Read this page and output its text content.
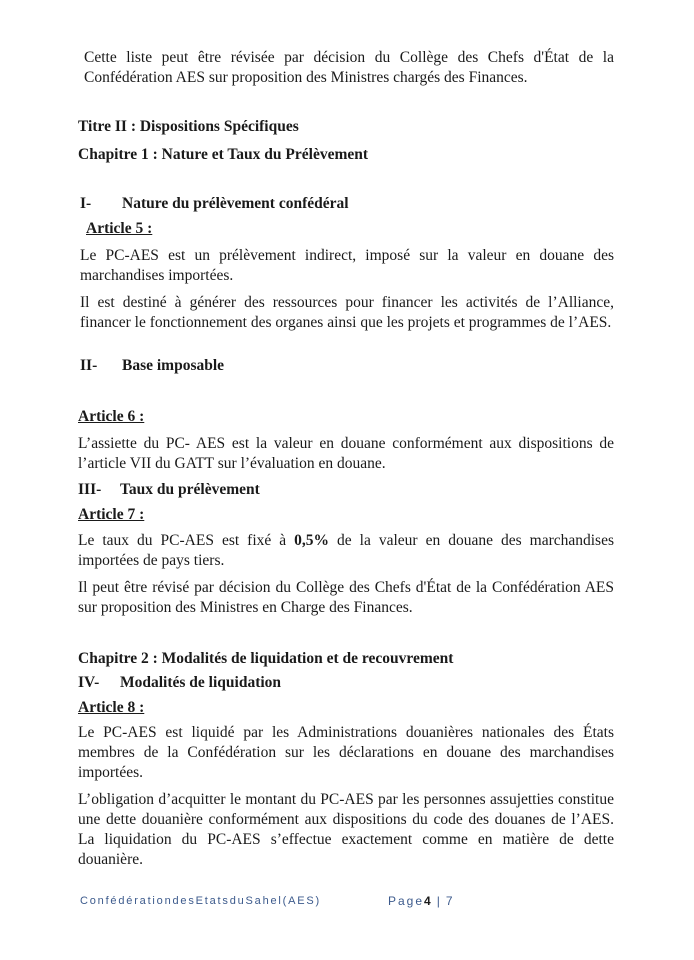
Cette liste peut être révisée par décision du Collège des Chefs d'État de la Confédération AES sur proposition des Ministres chargés des Finances.

Titre II : Dispositions Spécifiques
Chapitre 1 : Nature et Taux du Prélèvement
I- Nature du prélèvement confédéral
Article 5 :

Le PC-AES est un prélèvement indirect, imposé sur la valeur en douane des marchandises importées.

Il est destiné à générer des ressources pour financer les activités de l’Alliance, financer le fonctionnement des organes ainsi que les projets et programmes de l’AES.

II- Base imposable
Article 6 :

L’assiette du PC- AES est la valeur en douane conformément aux dispositions de l’article VII du GATT sur l’évaluation en douane.

III- Taux du prélèvement
Article 7 :

Le taux du PC-AES est fixé à 0,5% de la valeur en douane des marchandises importées de pays tiers.

Il peut être révisé par décision du Collège des Chefs d'État de la Confédération AES sur proposition des Ministres en Charge des Finances.

Chapitre 2 : Modalités de liquidation et de recouvrement
IV- Modalités de liquidation
Article 8 :

Le PC-AES est liquidé par les Administrations douanières nationales des États membres de la Confédération sur les déclarations en douane des marchandises importées.

L’obligation d’acquitter le montant du PC-AES par les personnes assujetties constitue une dette douanière conformément aux dispositions du code des douanes de l’AES. La liquidation du PC-AES s’effectue exactement comme en matière de dette douanière.

ConfédérationdesEtatsduSahel(AES)	Page4 | 7
